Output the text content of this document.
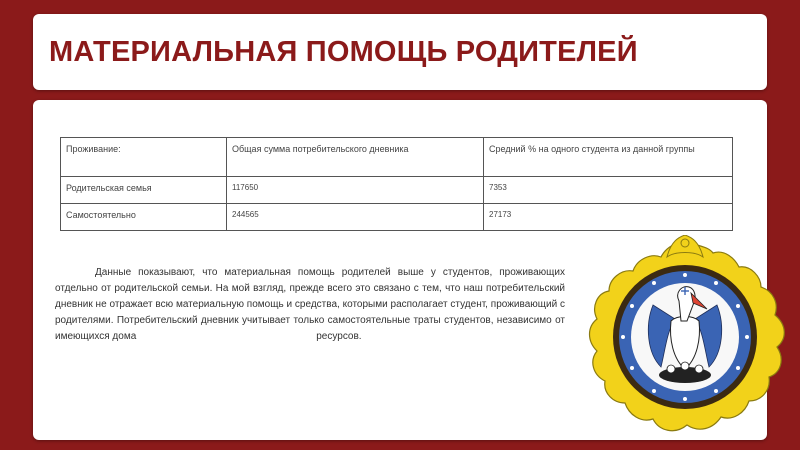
МАТЕРИАЛЬНАЯ ПОМОЩЬ РОДИТЕЛЕЙ
Проживание:	Общая сумма потребительского дневника	Средний % на одного студента из данной группы
Родительская семья	117650	7353
Самостоятельно	244565	27173

Данные показывают, что материальная помощь родителей выше у студентов, проживающих отдельно от родительской семьи. На мой взгляд, прежде всего это связано с тем, что наш потребительский дневник не отражает всю материальную помощь и средства, которыми располагает студент, проживающий с родителями. Потребительский дневник учитывает только самостоятельные траты студентов, независимо от имеющихся дома	ресурсов.
